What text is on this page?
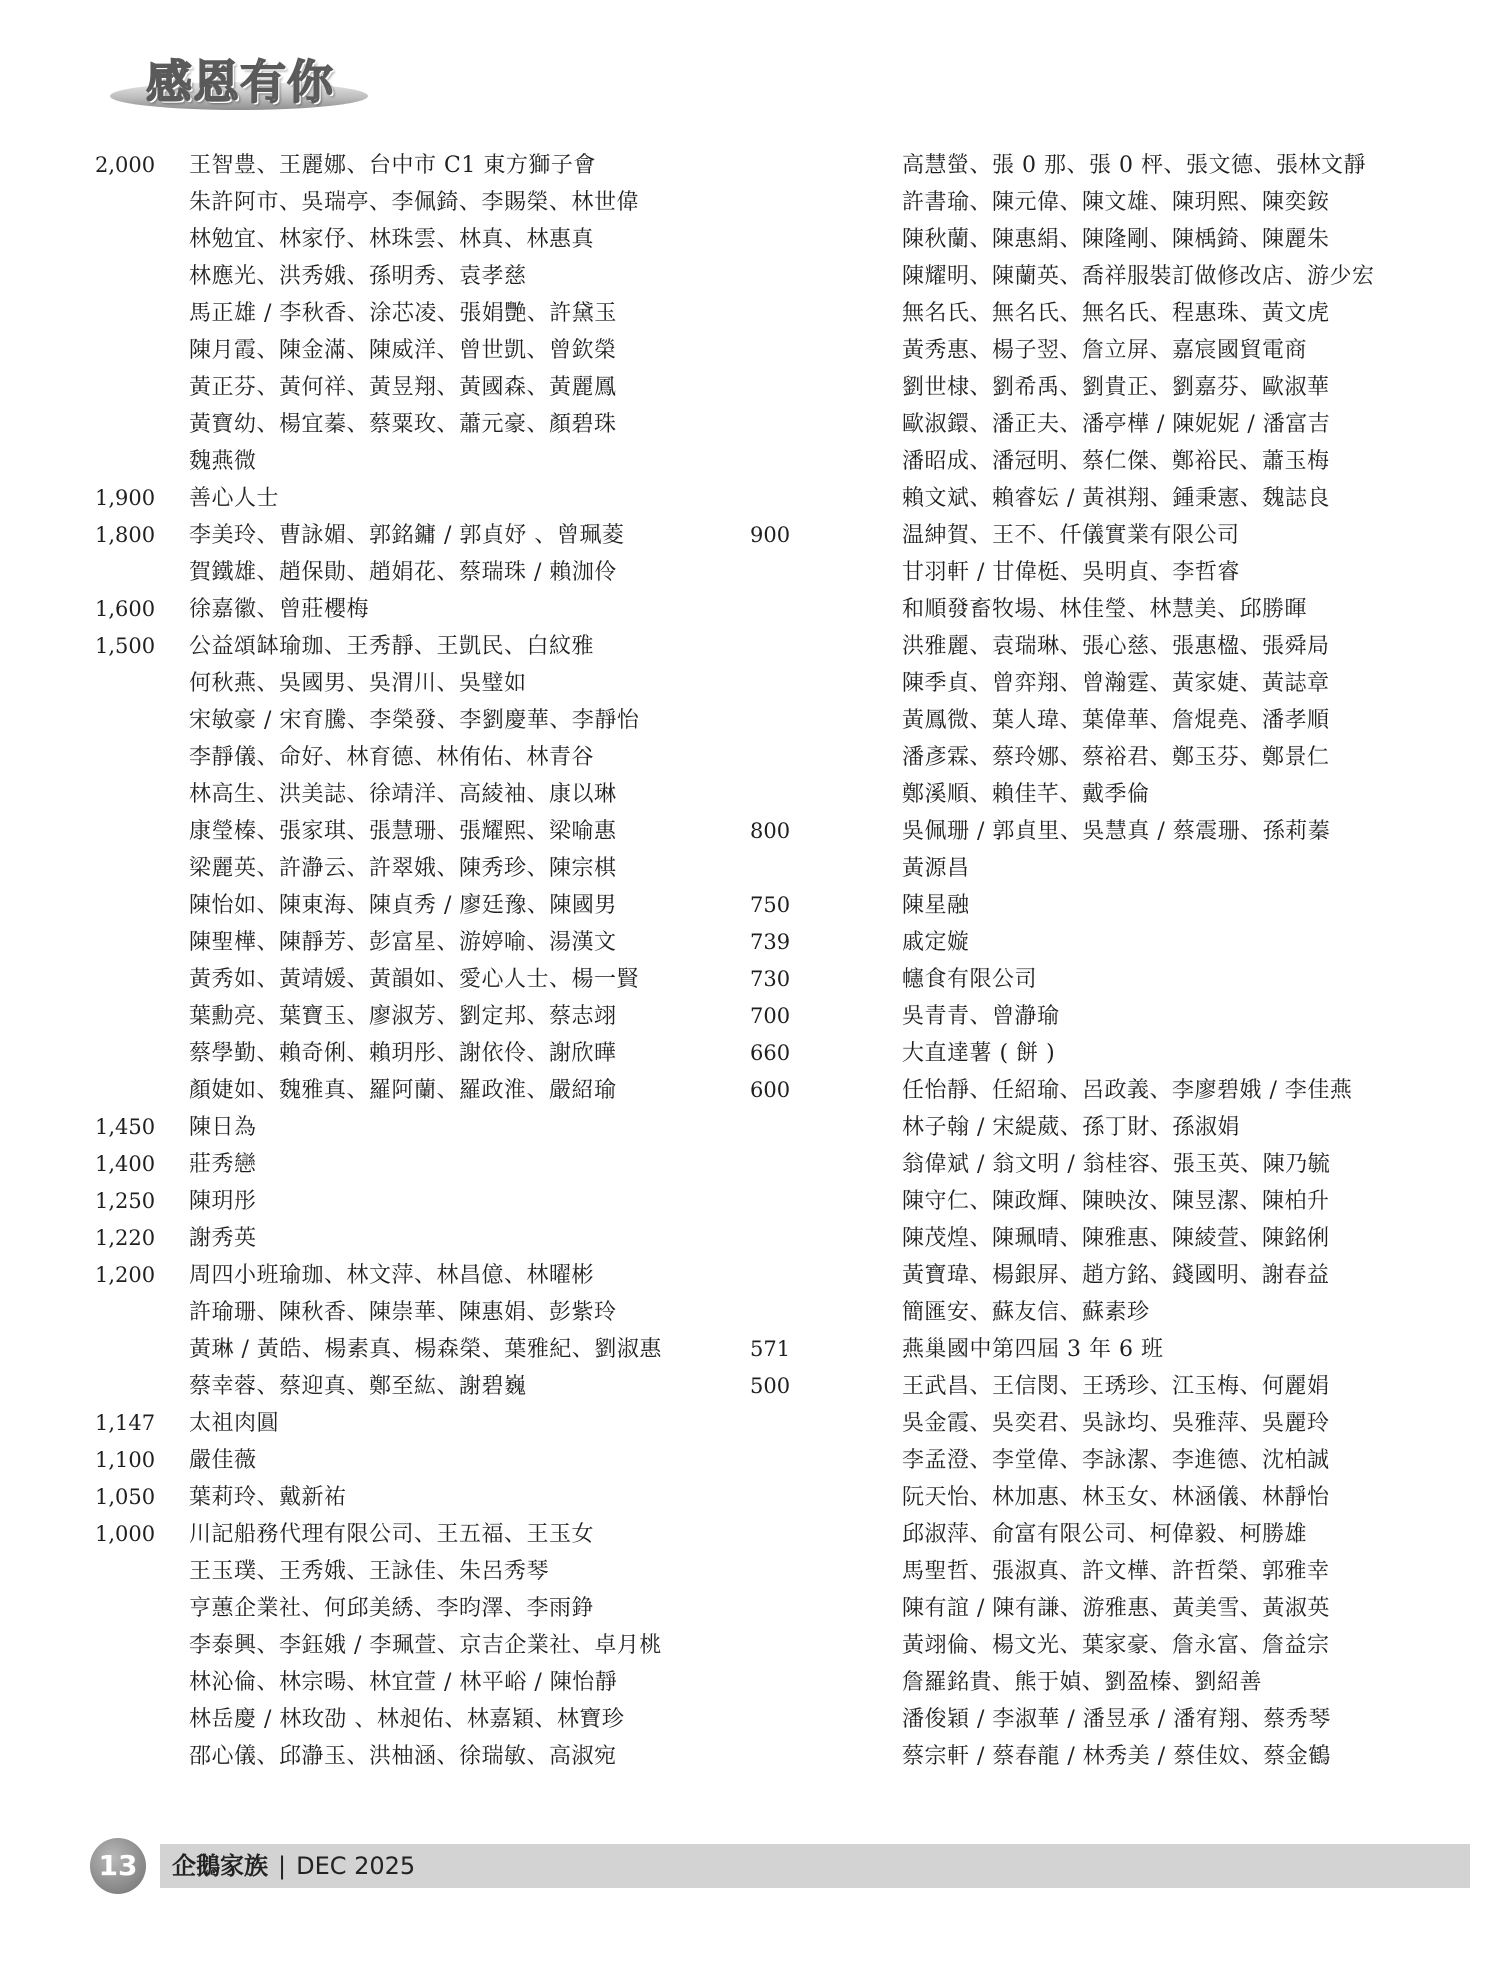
感恩有你
2,000 王智豊、王麗娜、台中市 C1 東方獅子會
朱許阿市、吳瑞亭、李佩錡、李賜榮、林世偉
林勉宜、林家伃、林珠雲、林真、林惠真
林應光、洪秀娥、孫明秀、袁孝慈
馬正雄 / 李秋香、涂芯凌、張娟艷、許黛玉
陳月霞、陳金滿、陳威洋、曾世凱、曾欽榮
黃正芬、黃何祥、黃昱翔、黃國森、黃麗鳳
黃寶幼、楊宜蓁、蔡粟玫、蕭元豪、顏碧珠
魏燕微
1,900 善心人士
1,800 李美玲、曹詠媚、郭銘鏞 / 郭貞妤 、曾珮菱
賀鐵雄、趙保勛、趙娟花、蔡瑞珠 / 賴泇伶
1,600 徐嘉徽、曾莊櫻梅
1,500 公益頌缽瑜珈、王秀靜、王凱民、白紋雅
何秋燕、吳國男、吳渭川、吳璧如
宋敏豪 / 宋育騰、李榮發、李劉慶華、李靜怡
李靜儀、命好、林育德、林侑佑、林青谷
林高生、洪美誌、徐靖洋、高綾袖、康以琳
康瑩榛、張家琪、張慧珊、張耀熙、梁喻惠
梁麗英、許瀞云、許翠娥、陳秀珍、陳宗棋
陳怡如、陳東海、陳貞秀 / 廖廷豫、陳國男
陳聖樺、陳靜芳、彭富星、游婷喻、湯漢文
黃秀如、黃靖媛、黃韻如、愛心人士、楊一賢
葉勳亮、葉寶玉、廖淑芳、劉定邦、蔡志翊
蔡學勤、賴奇俐、賴玥彤、謝依伶、謝欣曄
顏婕如、魏雅真、羅阿蘭、羅政淮、嚴紹瑜
1,450 陳日為
1,400 莊秀戀
1,250 陳玥彤
1,220 謝秀英
1,200 周四小班瑜珈、林文萍、林昌億、林曜彬
許瑜珊、陳秋香、陳崇華、陳惠娟、彭紫玲
黃琳 / 黃皓、楊素真、楊森榮、葉雅紀、劉淑惠
蔡幸蓉、蔡迎真、鄭至紘、謝碧巍
1,147 太祖肉圓
1,100 嚴佳薇
1,050 葉莉玲、戴新祐
1,000 川記船務代理有限公司、王五福、王玉女
王玉璞、王秀娥、王詠佳、朱呂秀琴
亨蕙企業社、何邱美綉、李昀澤、李雨錚
李泰興、李鈺娥 / 李珮萱、京吉企業社、卓月桃
林沁倫、林宗暘、林宜萱 / 林平峪 / 陳怡靜
林岳慶 / 林玫劭 、林昶佑、林嘉穎、林寶珍
邵心儀、邱瀞玉、洪柚涵、徐瑞敏、高淑宛
高慧螢、張 0 那、張 0 枰、張文德、張林文靜
許書瑜、陳元偉、陳文雄、陳玥熙、陳奕銨
陳秋蘭、陳惠絹、陳隆剛、陳楀錡、陳麗朱
陳耀明、陳蘭英、喬祥服裝訂做修改店、游少宏
無名氏、無名氏、無名氏、程惠珠、黃文虎
黃秀惠、楊子翌、詹立屏、嘉宸國貿電商
劉世棣、劉希禹、劉貴正、劉嘉芬、歐淑華
歐淑鐶、潘正夫、潘亭樺 / 陳妮妮 / 潘富吉
潘昭成、潘冠明、蔡仁傑、鄭裕民、蕭玉梅
賴文斌、賴睿妘 / 黃祺翔、鍾秉憲、魏誌良
900	温紳賀、王不、仟儀實業有限公司
甘羽軒 / 甘偉梃、吳明貞、李哲睿
和順發畜牧場、林佳瑩、林慧美、邱勝暉
洪雅麗、袁瑞琳、張心慈、張惠楹、張舜局
陳季貞、曾弈翔、曾瀚霆、黃家婕、黃誌章
黃鳳微、葉人瑋、葉偉華、詹焜堯、潘孝順
潘彥霖、蔡玲娜、蔡裕君、鄭玉芬、鄭景仁
鄭溪順、賴佳芊、戴季倫
800	吳佩珊 / 郭貞里、吳慧真 / 蔡震珊、孫莉蓁
黃源昌
750	陳星融
739	戚定嫙
730	幰食有限公司
700	吳青青、曾瀞瑜
660	大直達薯 ( 餅 )
600	任怡靜、任紹瑜、呂政義、李廖碧娥 / 李佳燕
林子翰 / 宋緹葳、孫丁財、孫淑娟
翁偉斌 / 翁文明 / 翁桂容、張玉英、陳乃毓
陳守仁、陳政輝、陳映汝、陳昱潔、陳柏升
陳茂煌、陳珮晴、陳雅惠、陳綾萱、陳銘俐
黃寶瑋、楊銀屏、趙方銘、錢國明、謝春益
簡匯安、蘇友信、蘇素珍
571	燕巢國中第四屆 3 年 6 班
500	王武昌、王信閔、王琇珍、江玉梅、何麗娟
吳金霞、吳奕君、吳詠均、吳雅萍、吳麗玲
李孟澄、李堂偉、李詠潔、李進德、沈柏誠
阮天怡、林加惠、林玉女、林涵儀、林靜怡
邱淑萍、俞富有限公司、柯偉毅、柯勝雄
馬聖哲、張淑真、許文樺、許哲榮、郭雅幸
陳有誼 / 陳有謙、游雅惠、黃美雪、黃淑英
黃翊倫、楊文光、葉家豪、詹永富、詹益宗
詹羅銘貴、熊于媜、劉盈榛、劉紹善
潘俊穎 / 李淑華 / 潘昱承 / 潘宥翔、蔡秀琴
蔡宗軒 / 蔡春龍 / 林秀美 / 蔡佳妏、蔡金鶴
13	企鵝家族 | DEC 2025
